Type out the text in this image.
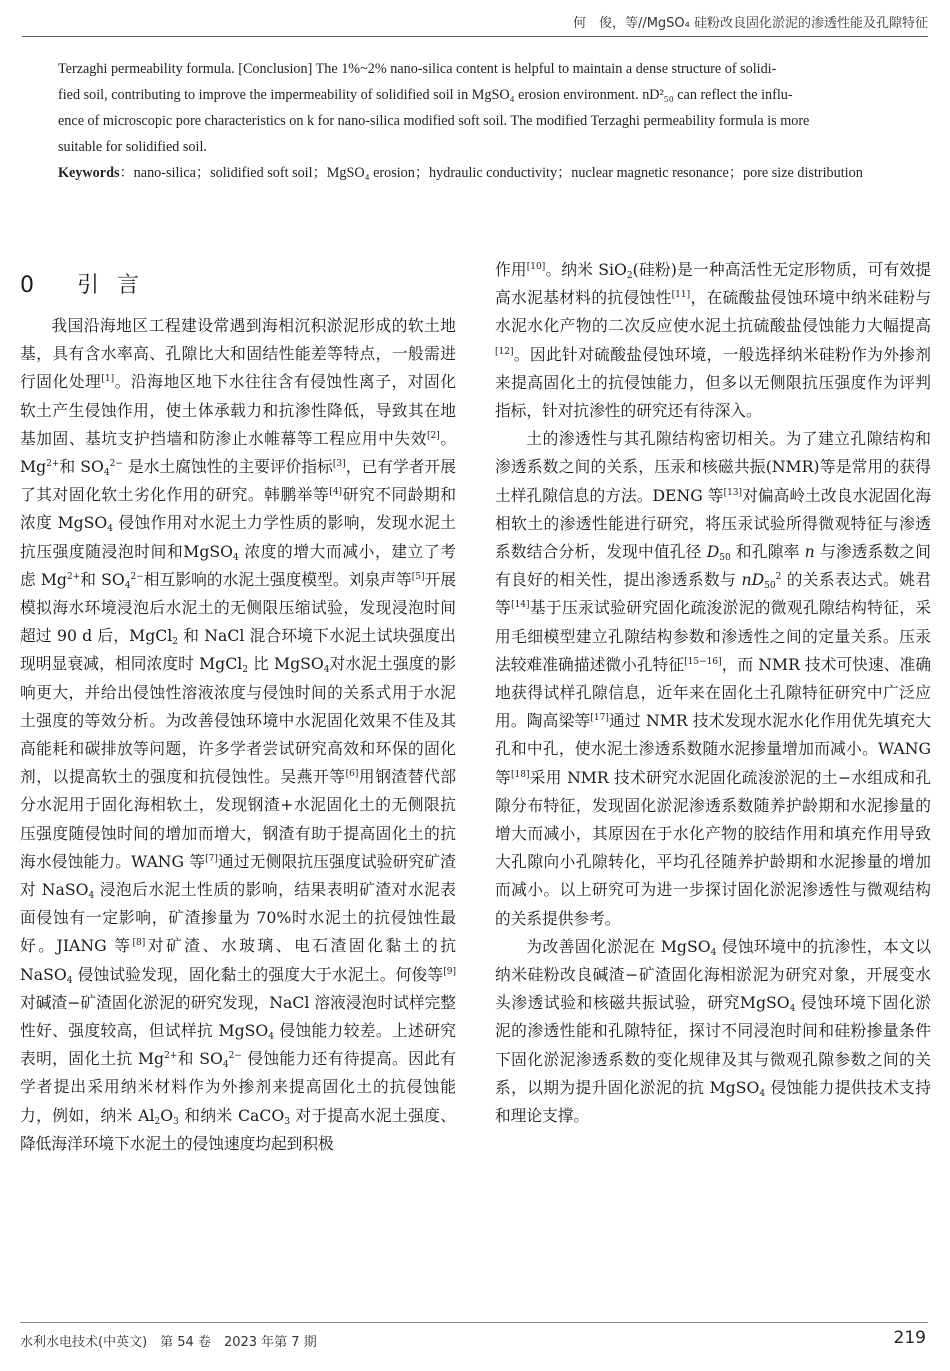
何　俊，等//MgSO₄ 硅粉改良固化淤泥的渗透性能及孔隙特征

Terzaghi permeability formula. [Conclusion] The 1%~2% nano-silica content is helpful to maintain a dense structure of solidi-

fied soil, contributing to improve the impermeability of solidified soil in MgSO₄ erosion environment. nD²₅₀ can reflect the influ-

ence of microscopic pore characteristics on k for nano-silica modified soft soil. The modified Terzaghi permeability formula is more

suitable for solidified soil.

Keywords：nano-silica；solidified soft soil；MgSO₄ erosion；hydraulic conductivity；nuclear magnetic resonance；pore size distribution

0 引言

我国沿海地区工程建设常遇到海相沉积淤泥形成的软土地基，具有含水率高、孔隙比大和固结性能差等特点，一般需进行固化处理[1]。沿海地区地下水往往含有侵蚀性离子，对固化软土产生侵蚀作用，使土体承载力和抗渗性降低，导致其在地基加固、基坑支护挡墙和防渗止水帷幕等工程应用中失效[2]。$Mg^{2+}$和 $SO_4^{2-}$ 是水土腐蚀性的主要评价指标[3]，已有学者开展了其对固化软土劣化作用的研究。韩鹏举等[4]研究不同龄期和浓度 MgSO$_4$ 侵蚀作用对水泥土力学性质的影响，发现水泥土抗压强度随浸泡时间和MgSO$_4$ 浓度的增大而减小，建立了考虑 $Mg^{2+}$和 $SO_4^{2-}$相互影响的水泥土强度模型。刘泉声等[5]开展模拟海水环境浸泡后水泥土的无侧限压缩试验，发现浸泡时间超过 90 d 后，MgCl$_2$ 和 NaCl 混合环境下水泥土试块强度出现明显衰减，相同浓度时 MgCl$_2$ 比 MgSO$_4$对水泥土强度的影响更大，并给出侵蚀性溶液浓度与侵蚀时间的关系式用于水泥土强度的等效分析。为改善侵蚀环境中水泥固化效果不佳及其高能耗和碳排放等问题，许多学者尝试研究高效和环保的固化剂，以提高软土的强度和抗侵蚀性。吴燕开等[6]用钢渣替代部分水泥用于固化海相软土，发现钢渣+水泥固化土的无侧限抗压强度随侵蚀时间的增加而增大，钢渣有助于提高固化土的抗海水侵蚀能力。WANG 等[7]通过无侧限抗压强度试验研究矿渣对 NaSO$_4$ 浸泡后水泥土性质的影响，结果表明矿渣对水泥表面侵蚀有一定影响，矿渣掺量为 70%时水泥土的抗侵蚀性最好。JIANG 等[8]对矿渣、水玻璃、电石渣固化黏土的抗 NaSO$_4$ 侵蚀试验发现，固化黏土的强度大于水泥土。何俊等[9]对碱渣−矿渣固化淤泥的研究发现，NaCl 溶液浸泡时试样完整性好、强度较高，但试样抗 MgSO$_4$ 侵蚀能力较差。上述研究表明，固化土抗 $Mg^{2+}$和 $SO_4^{2-}$ 侵蚀能力还有待提高。因此有学者提出采用纳米材料作为外掺剂来提高固化土的抗侵蚀能力，例如，纳米 $Al_2O_3$ 和纳米 CaCO$_3$ 对于提高水泥土强度、降低海洋环境下水泥土的侵蚀速度均起到积极

作用[10]。纳米 SiO$_2$(硅粉)是一种高活性无定形物质，可有效提高水泥基材料的抗侵蚀性[11]，在硫酸盐侵蚀环境中纳米硅粉与水泥水化产物的二次反应使水泥土抗硫酸盐侵蚀能力大幅提高[12]。因此针对硫酸盐侵蚀环境，一般选择纳米硅粉作为外掺剂来提高固化土的抗侵蚀能力，但多以无侧限抗压强度作为评判指标，针对抗渗性的研究还有待深入。

土的渗透性与其孔隙结构密切相关。为了建立孔隙结构和渗透系数之间的关系，压汞和核磁共振(NMR)等是常用的获得土样孔隙信息的方法。DENG 等[13]对偏高岭土改良水泥固化海相软土的渗透性能进行研究，将压汞试验所得微观特征与渗透系数结合分析，发现中值孔径 $D_{50}$ 和孔隙率 n 与渗透系数之间有良好的相关性，提出渗透系数与 $nD_{50}^2$ 的关系表达式。姚君等[14]基于压汞试验研究固化疏浚淤泥的微观孔隙结构特征，采用毛细模型建立孔隙结构参数和渗透性之间的定量关系。压汞法较难准确描述微小孔特征[15−16]，而 NMR 技术可快速、准确地获得试样孔隙信息，近年来在固化土孔隙特征研究中广泛应用。陶高梁等[17]通过 NMR 技术发现水泥水化作用优先填充大孔和中孔，使水泥土渗透系数随水泥掺量增加而减小。WANG 等[18]采用 NMR 技术研究水泥固化疏浚淤泥的土−水组成和孔隙分布特征，发现固化淤泥渗透系数随养护龄期和水泥掺量的增大而减小，其原因在于水化产物的胶结作用和填充作用导致大孔隙向小孔隙转化，平均孔径随养护龄期和水泥掺量的增加而减小。以上研究可为进一步探讨固化淤泥渗透性与微观结构的关系提供参考。

为改善固化淤泥在 MgSO$_4$ 侵蚀环境中的抗渗性，本文以纳米硅粉改良碱渣−矿渣固化海相淤泥为研究对象，开展变水头渗透试验和核磁共振试验，研究MgSO$_4$ 侵蚀环境下固化淤泥的渗透性能和孔隙特征，探讨不同浸泡时间和硅粉掺量条件下固化淤泥渗透系数的变化规律及其与微观孔隙参数之间的关系，以期为提升固化淤泥的抗 MgSO$_4$ 侵蚀能力提供技术支持和理论支撑。

水利水电技术(中英文)　第 54 卷　2023 年第 7 期	219
